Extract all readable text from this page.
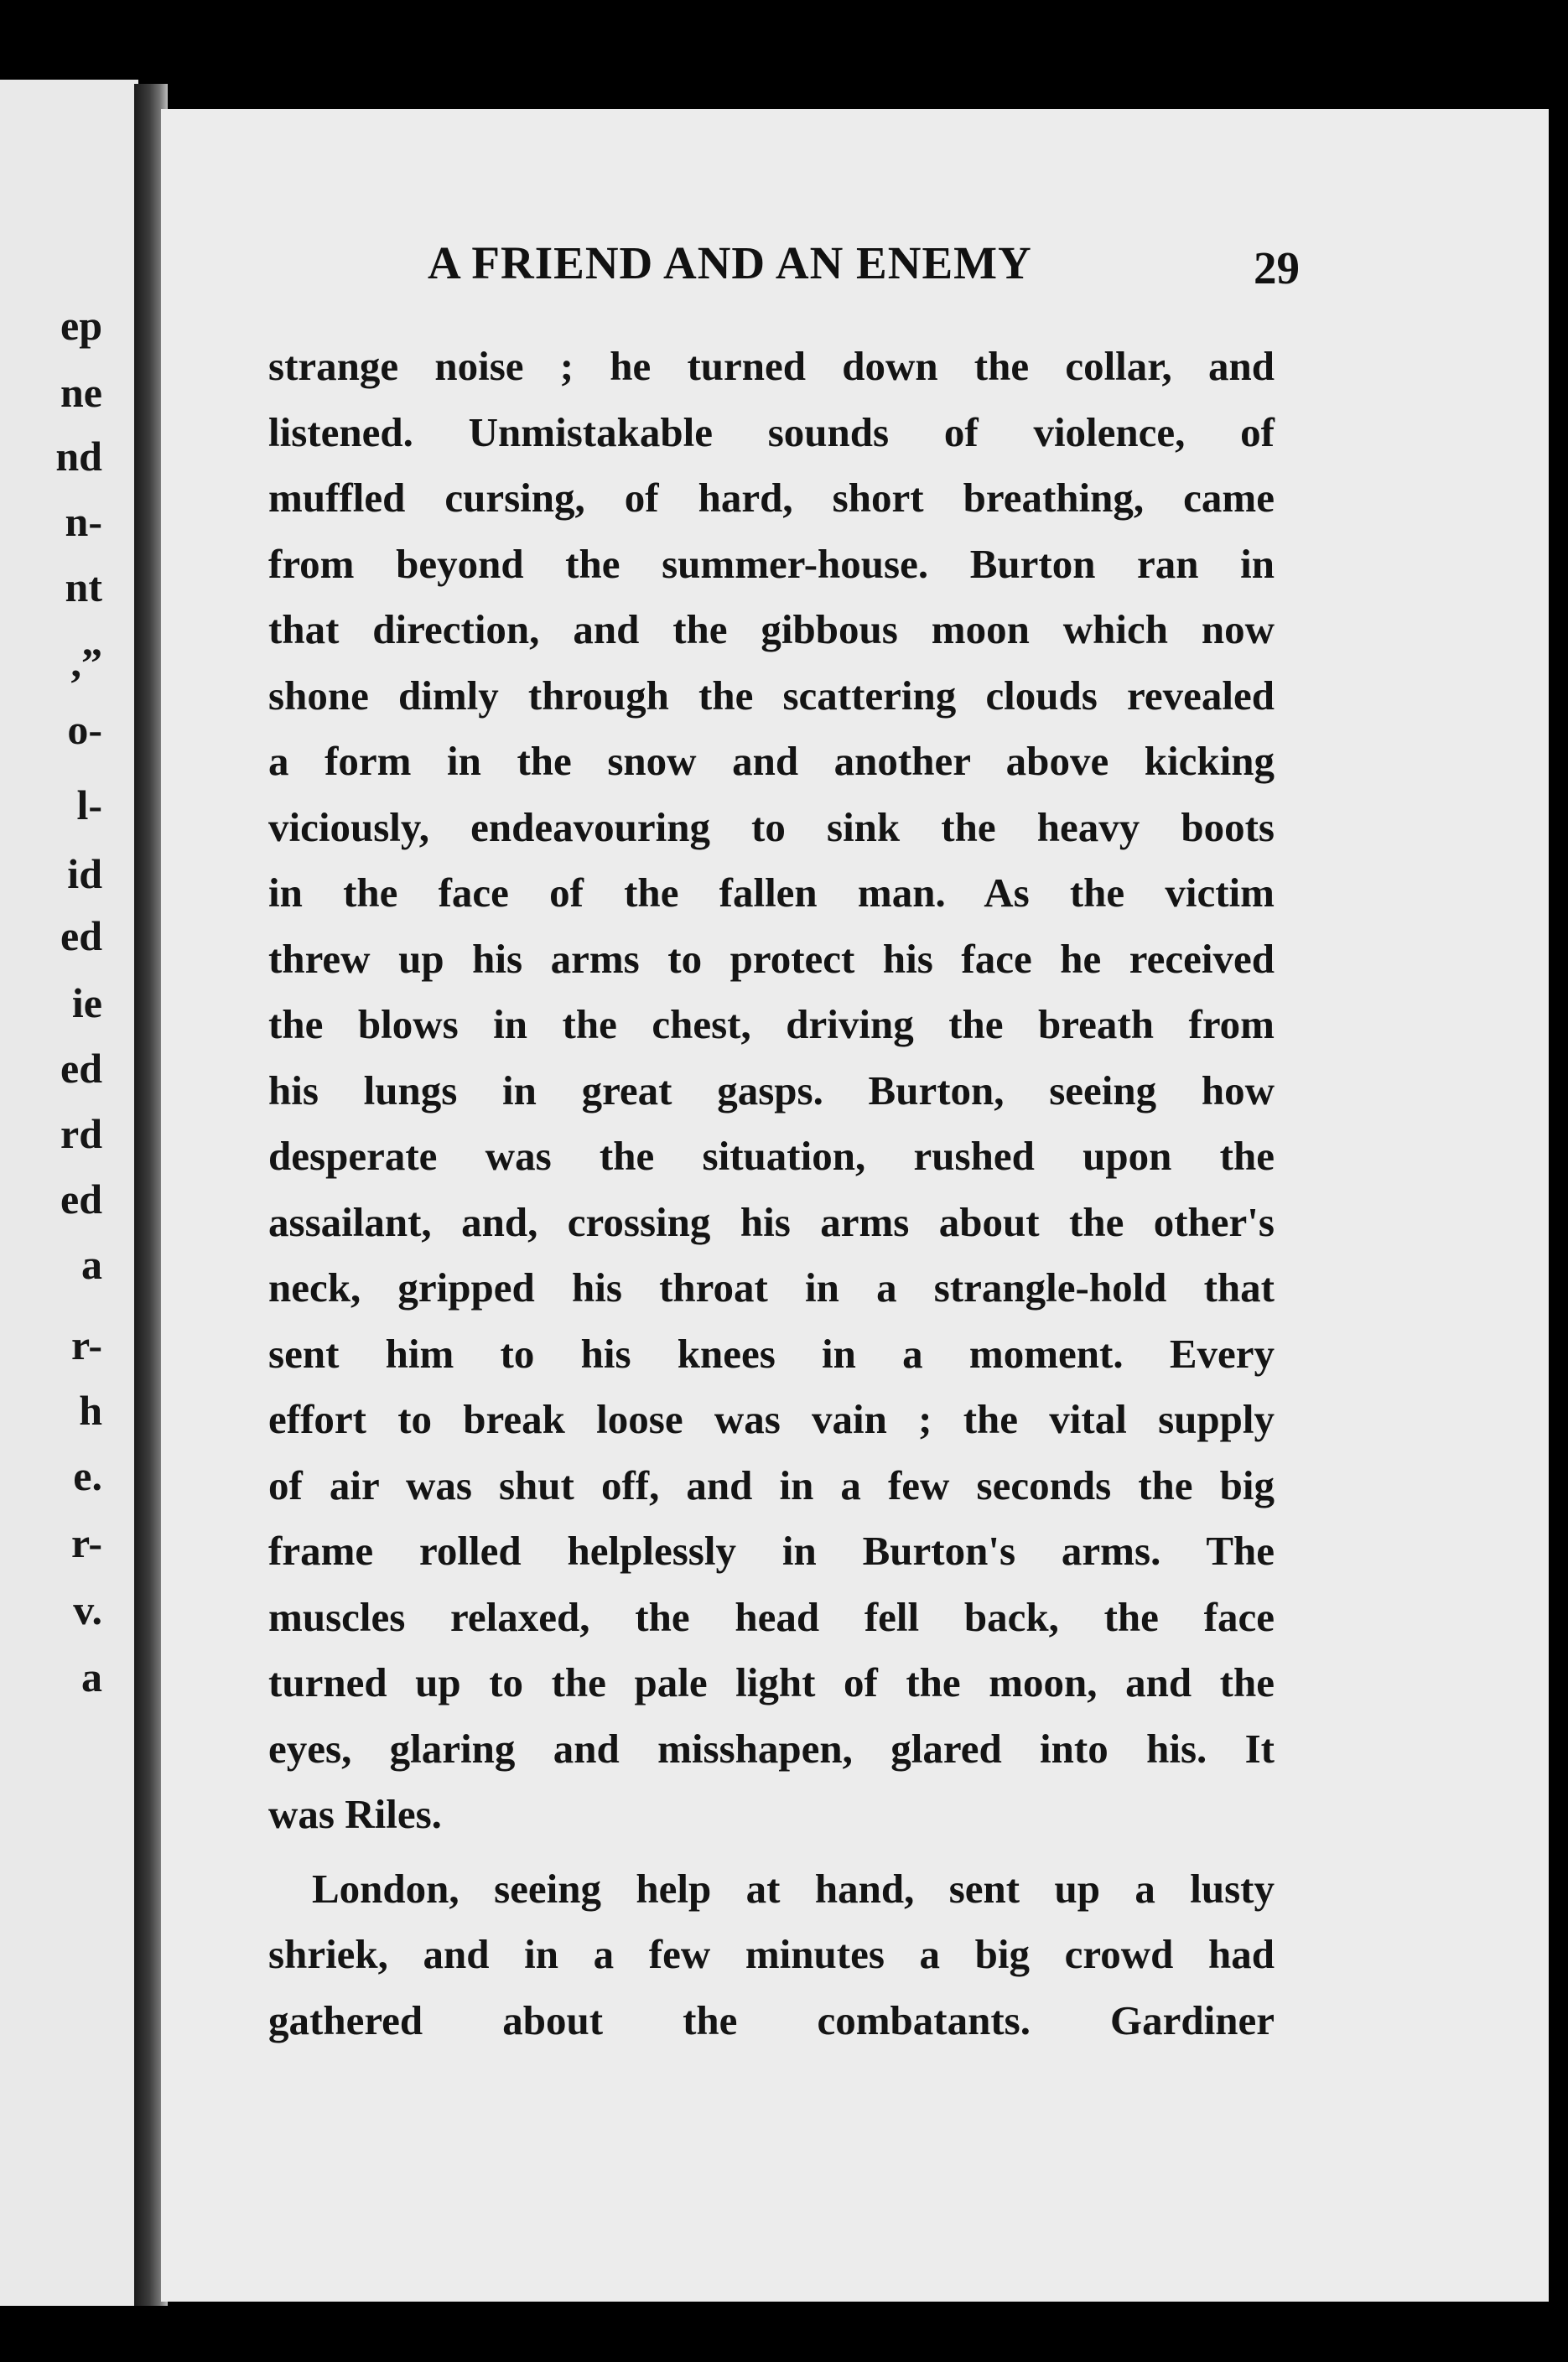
ep
ne
nd
n-
nt
,”
o-
l-
id
ed
ie
ed
rd
ed
a
r-
h
e.
r-
v.
a
A FRIEND AND AN ENEMY	29
strange noise ; he turned down the collar, and
listened. Unmistakable sounds of violence, of
muffled cursing, of hard, short breathing, came
from beyond the summer-house. Burton ran in
that direction, and the gibbous moon which now
shone dimly through the scattering clouds revealed
a form in the snow and another above kicking
viciously, endeavouring to sink the heavy boots
in the face of the fallen man. As the victim
threw up his arms to protect his face he received
the blows in the chest, driving the breath from
his lungs in great gasps. Burton, seeing how
desperate was the situation, rushed upon the
assailant, and, crossing his arms about the other's
neck, gripped his throat in a strangle-hold that
sent him to his knees in a moment. Every
effort to break loose was vain ; the vital supply
of air was shut off, and in a few seconds the big
frame rolled helplessly in Burton's arms. The
muscles relaxed, the head fell back, the face
turned up to the pale light of the moon, and the
eyes, glaring and misshapen, glared into his. It
was Riles.
London, seeing help at hand, sent up a lusty
shriek, and in a few minutes a big crowd had
gathered about the combatants. Gardiner
